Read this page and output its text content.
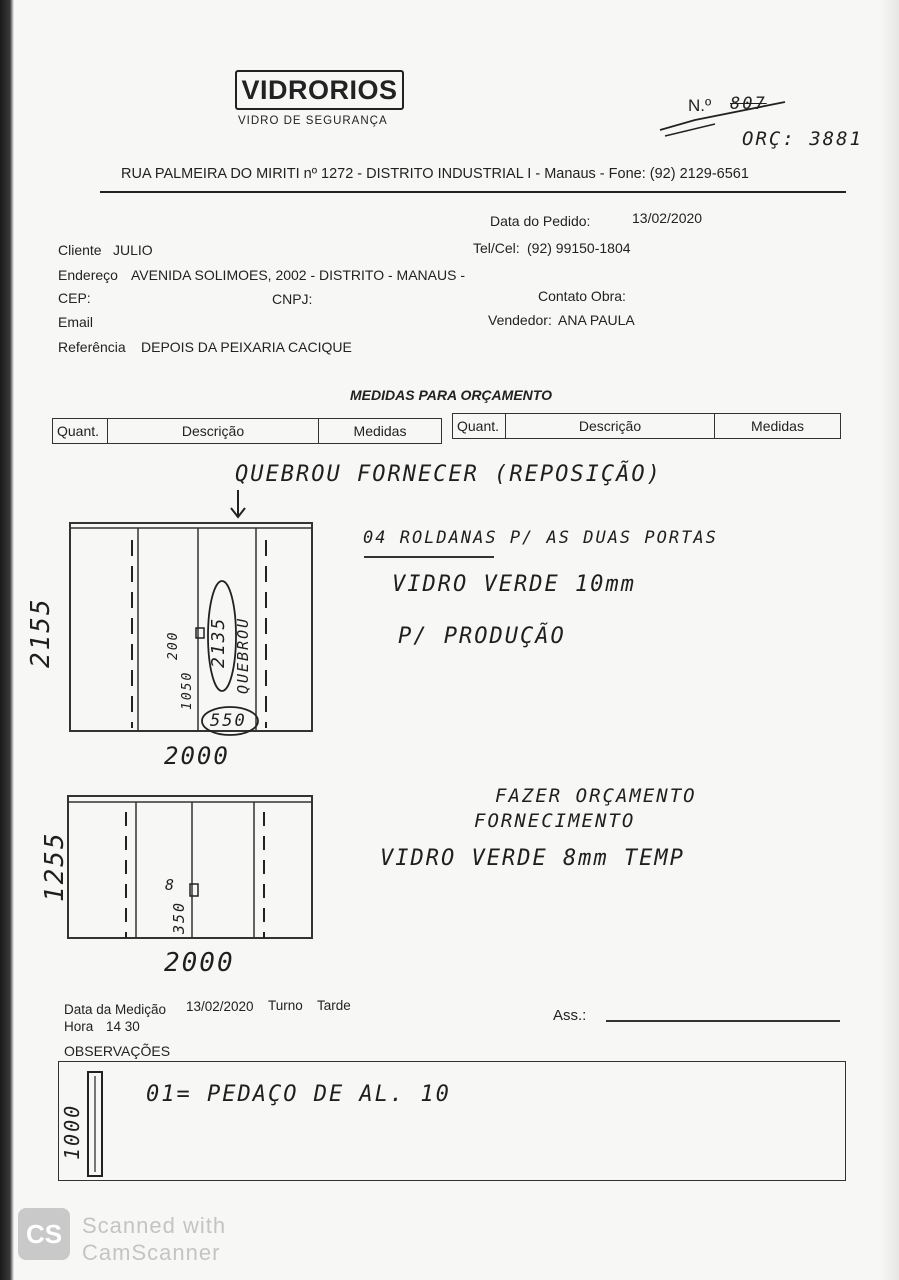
VIDRORIOS
VIDRO DE SEGURANÇA
N.º 807
ORÇ: 3881
RUA PALMEIRA DO MIRITI nº 1272 - DISTRITO INDUSTRIAL I - Manaus - Fone: (92) 2129-6561
Data do Pedido:	13/02/2020
Cliente JULIO	Tel/Cel: (92) 99150-1804
Endereço AVENIDA SOLIMOES, 2002 - DISTRITO - MANAUS -
CEP:	CNPJ:	Contato Obra:
Email	Vendedor: ANA PAULA
Referência DEPOIS DA PEIXARIA CACIQUE
MEDIDAS PARA ORÇAMENTO
Quant.	Descrição	Medidas	Quant.	Descrição	Medidas
QUEBROU FORNECER (REPOSIÇÃO)
2155
2000
200 2135
1050
550
QUEBROU
04 ROLDANAS P/ AS DUAS PORTAS
VIDRO VERDE 10mm
P/ PRODUÇÃO
FAZER ORÇAMENTO
FORNECIMENTO
VIDRO VERDE 8mm TEMP
1255
2000
8
350
Data da Medição 13/02/2020 Turno Tarde
Hora 14 30
Ass.:
OBSERVAÇÕES
1000
01= PEDAÇO DE AL. 10
CS Scanned with
CamScanner
